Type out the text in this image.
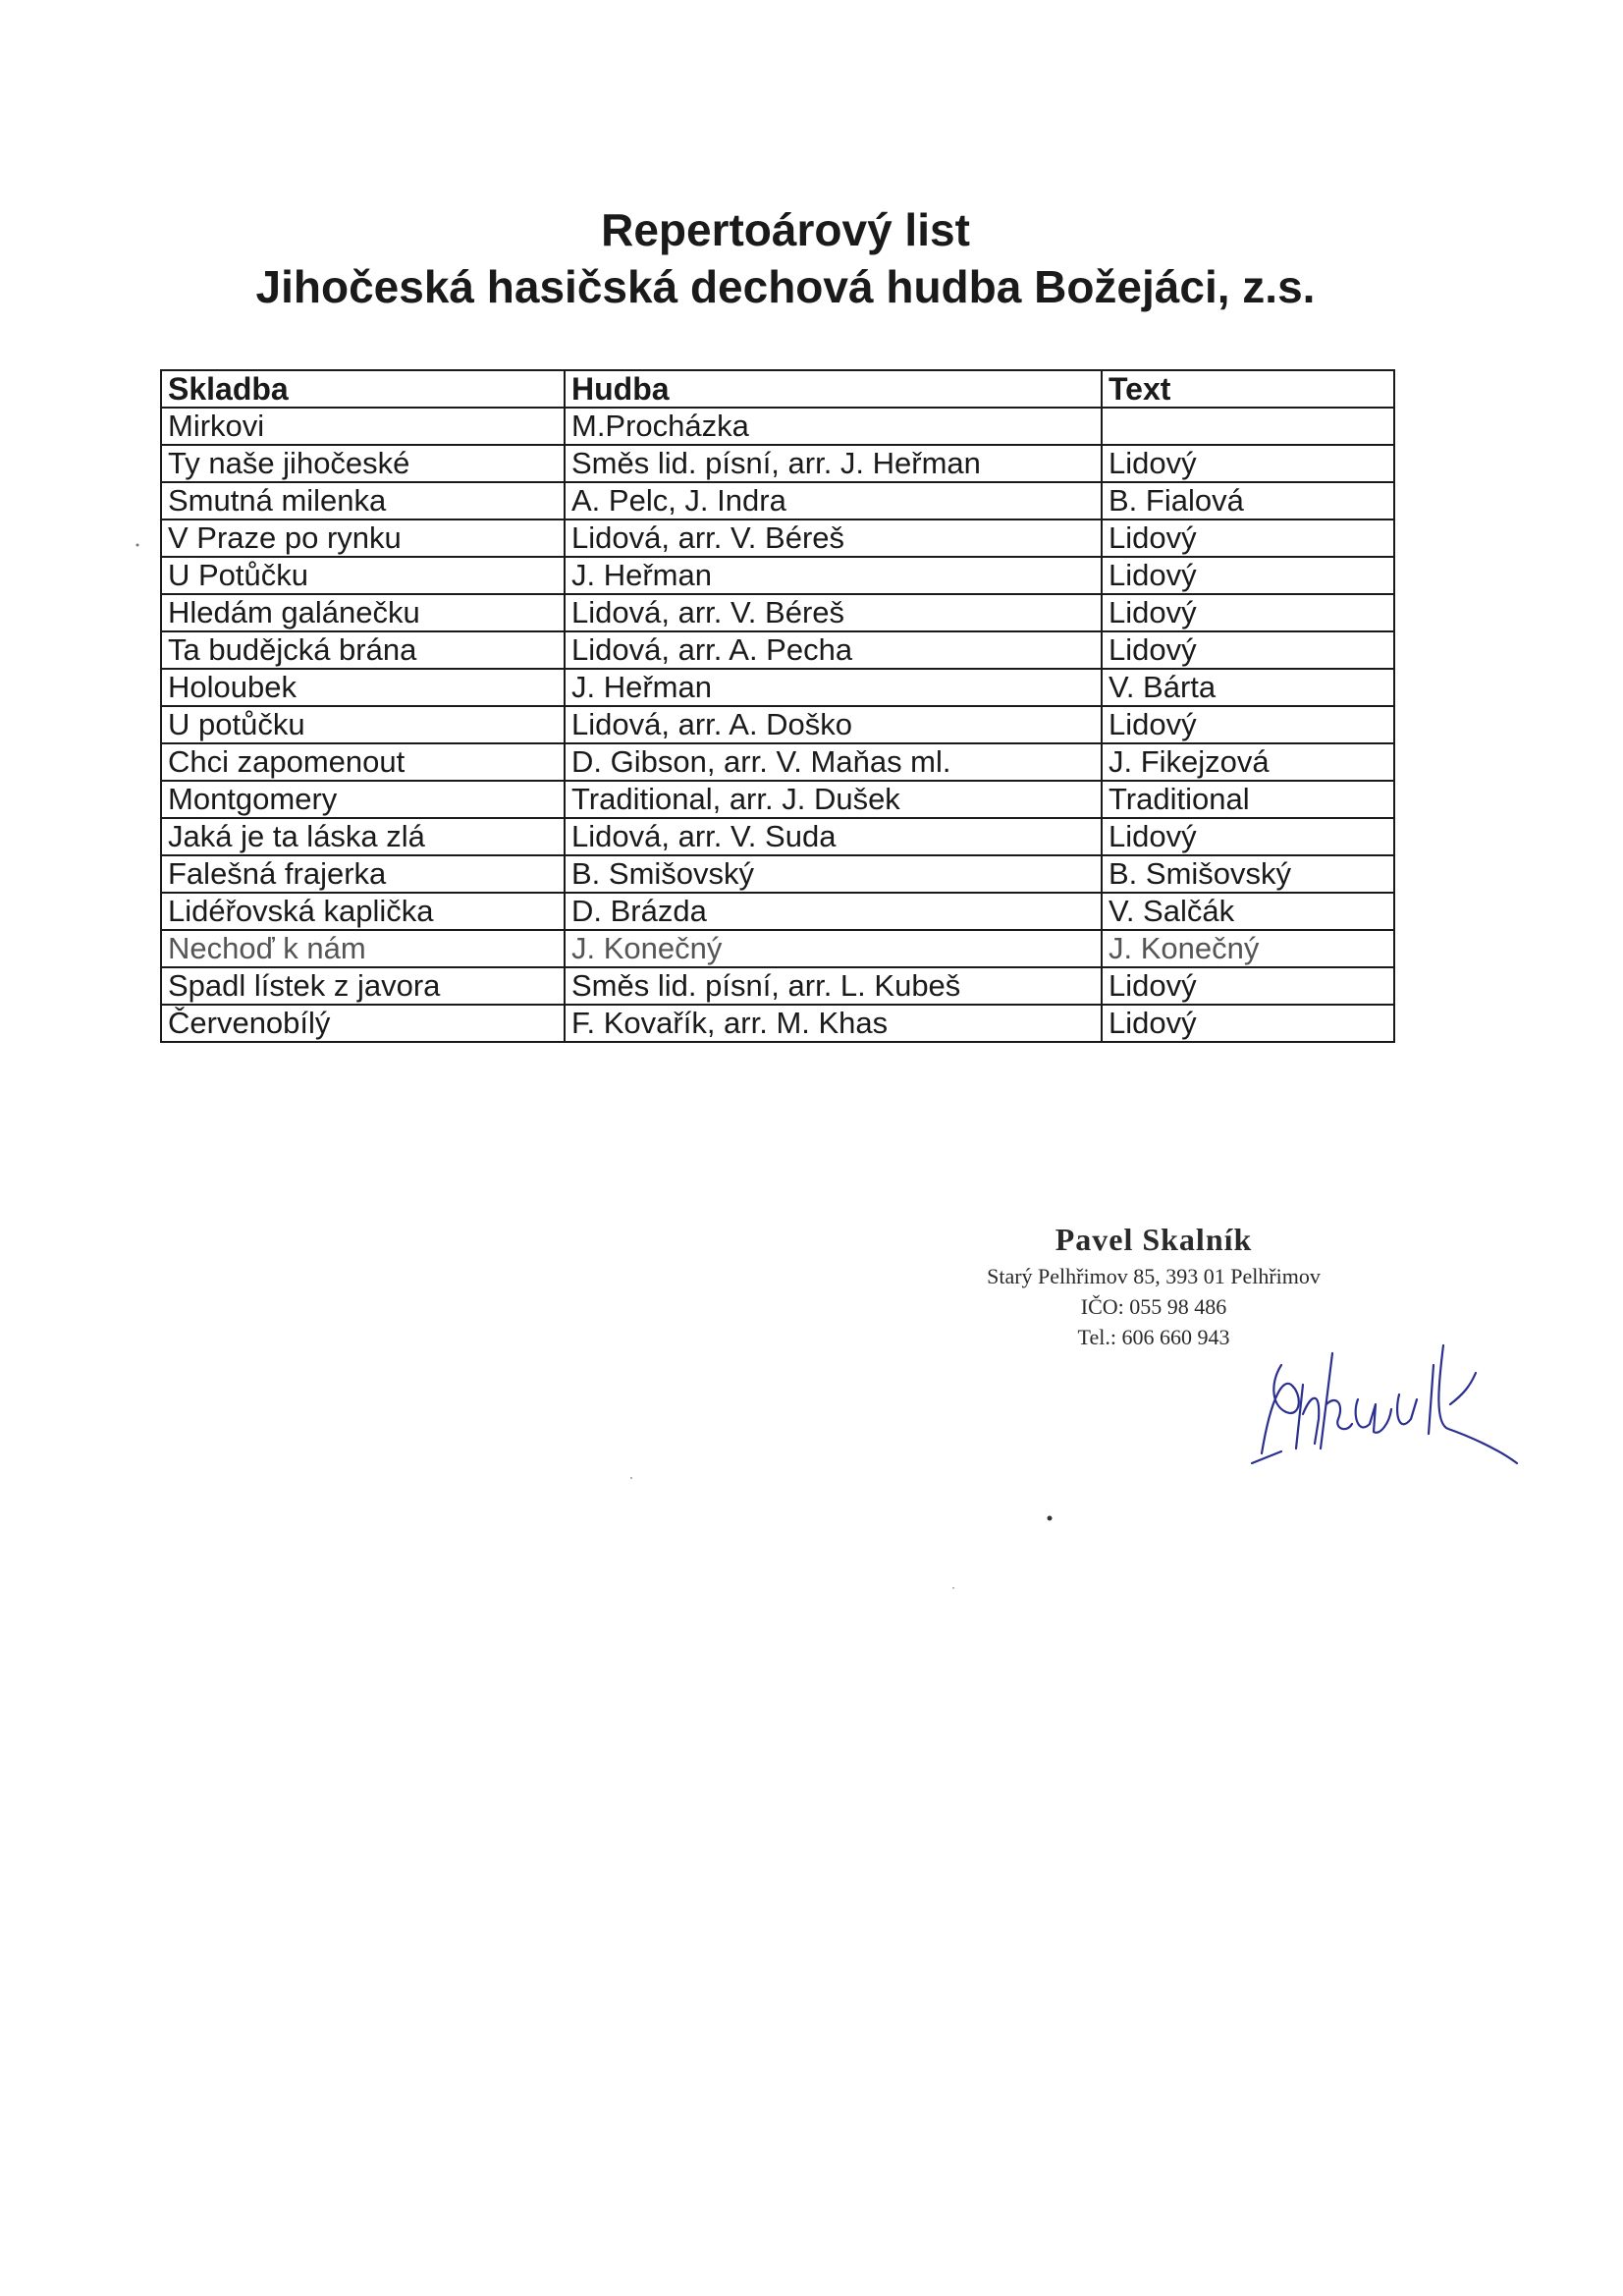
Repertoárový list
Jihočeská hasičská dechová hudba Božejáci, z.s.
Skladba	Hudba	Text
Mirkovi	M.Procházka	
Ty naše jihočeské	Směs lid. písní, arr. J. Heřman	Lidový
Smutná milenka	A. Pelc, J. Indra	B. Fialová
V Praze po rynku	Lidová, arr. V. Béreš	Lidový
U Potůčku	J. Heřman	Lidový
Hledám galánečku	Lidová, arr. V. Béreš	Lidový
Ta budějcká brána	Lidová, arr. A. Pecha	Lidový
Holoubek	J. Heřman	V. Bárta
U potůčku	Lidová, arr. A. Doško	Lidový
Chci zapomenout	D. Gibson, arr. V. Maňas ml.	J. Fikejzová
Montgomery	Traditional, arr. J. Dušek	Traditional
Jaká je ta láska zlá	Lidová, arr. V. Suda	Lidový
Falešná frajerka	B. Smišovský	B. Smišovský
Lidéřovská kaplička	D. Brázda	V. Salčák
Nechoď k nám	J. Konečný	J. Konečný
Spadl lístek z javora	Směs lid. písní, arr. L. Kubeš	Lidový
Červenobílý	F. Kovařík, arr. M. Khas	Lidový
Pavel Skalník
Starý Pelhřimov 85, 393 01 Pelhřimov
IČO: 055 98 486
Tel.: 606 660 943
